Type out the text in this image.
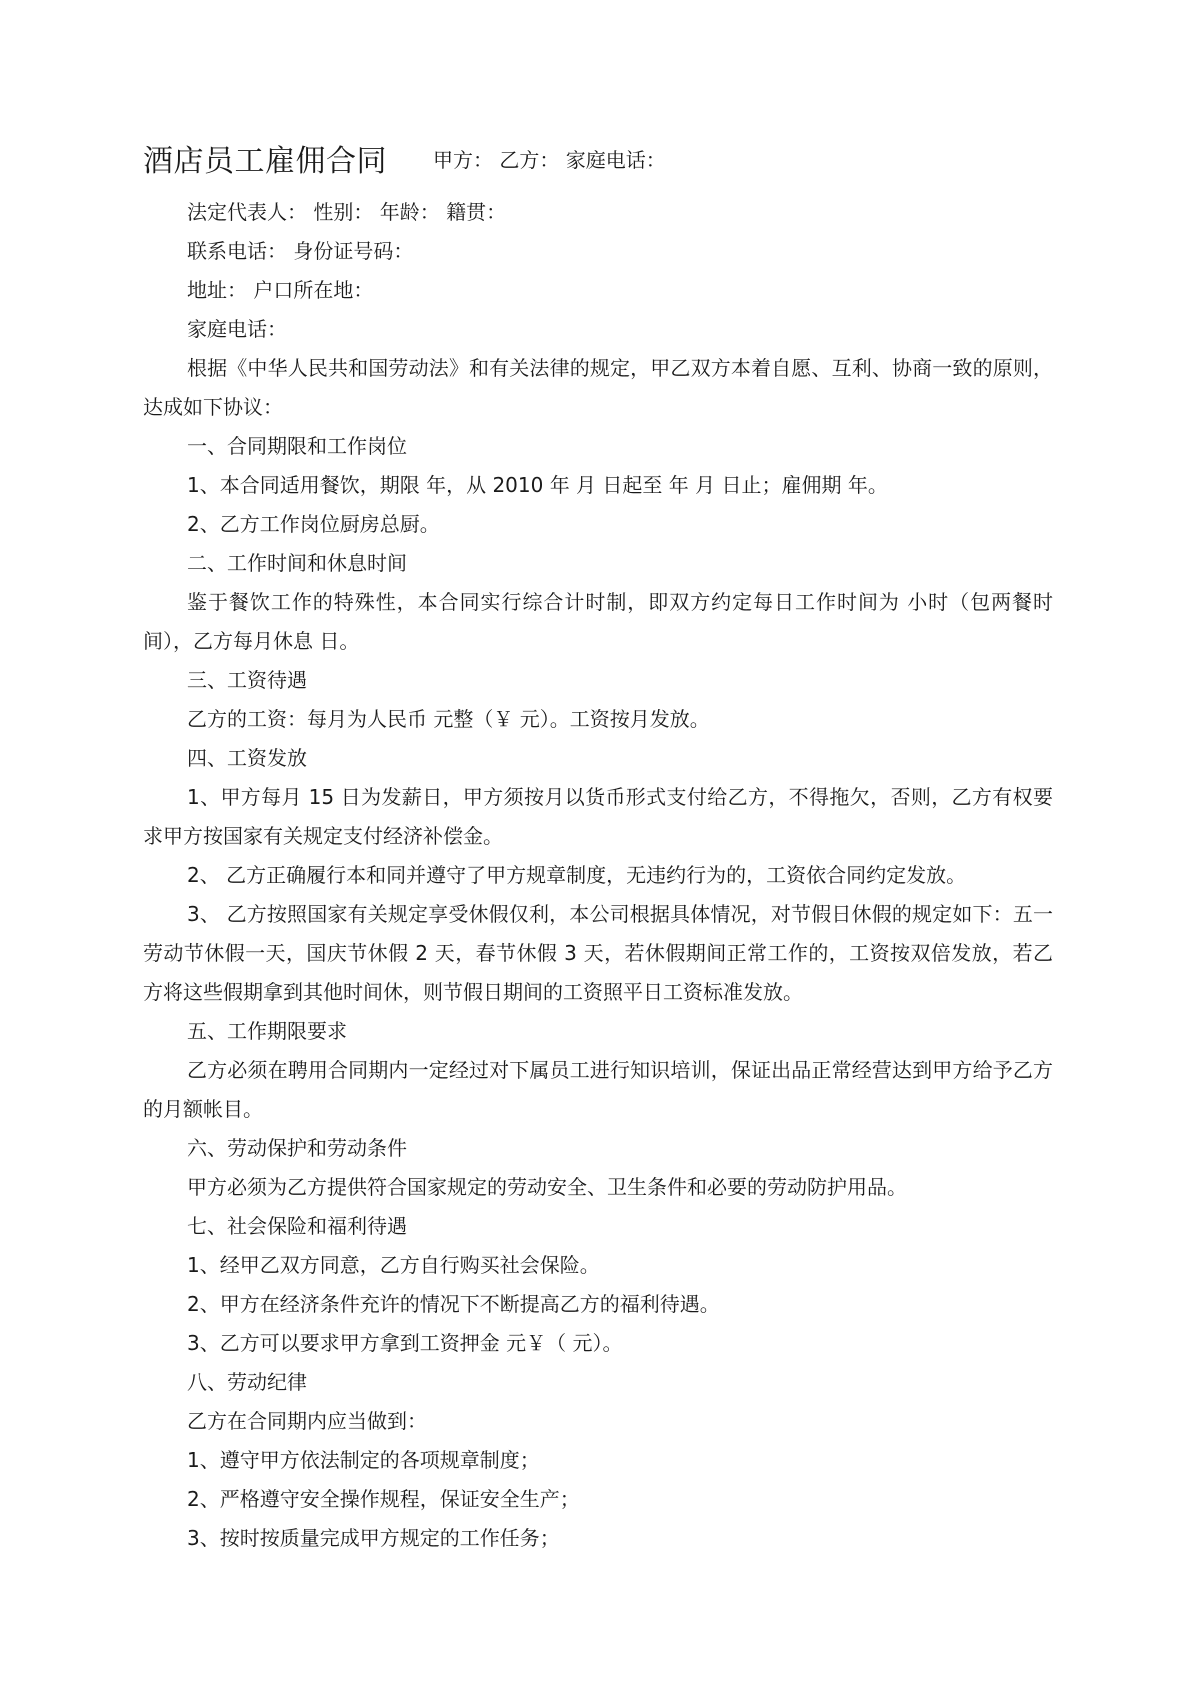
酒店员工雇佣合同 甲方： 乙方： 家庭电话：

法定代表人： 性别： 年龄： 籍贯：

联系电话： 身份证号码：

地址： 户口所在地：

家庭电话：

根据《中华人民共和国劳动法》和有关法律的规定，甲乙双方本着自愿、互利、协商一致的原则，达成如下协议：

一、合同期限和工作岗位

1、本合同适用餐饮，期限 年，从 2010 年 月 日起至 年 月 日止；雇佣期 年。

2、乙方工作岗位厨房总厨。

二、工作时间和休息时间

鉴于餐饮工作的特殊性，本合同实行综合计时制，即双方约定每日工作时间为 小时（包两餐时间），乙方每月休息 日。

三、工资待遇

乙方的工资：每月为人民币 元整（￥ 元）。工资按月发放。

四、工资发放

1、甲方每月 15 日为发薪日，甲方须按月以货币形式支付给乙方，不得拖欠，否则，乙方有权要求甲方按国家有关规定支付经济补偿金。

2、 乙方正确履行本和同并遵守了甲方规章制度，无违约行为的，工资依合同约定发放。

3、 乙方按照国家有关规定享受休假仅利，本公司根据具体情况，对节假日休假的规定如下：五一劳动节休假一天，国庆节休假 2 天，春节休假 3 天，若休假期间正常工作的，工资按双倍发放，若乙方将这些假期拿到其他时间休，则节假日期间的工资照平日工资标准发放。

五、工作期限要求

乙方必须在聘用合同期内一定经过对下属员工进行知识培训，保证出品正常经营达到甲方给予乙方的月额帐目。

六、劳动保护和劳动条件

甲方必须为乙方提供符合国家规定的劳动安全、卫生条件和必要的劳动防护用品。

七、社会保险和福利待遇

1、经甲乙双方同意，乙方自行购买社会保险。

2、甲方在经济条件充许的情况下不断提高乙方的福利待遇。

3、乙方可以要求甲方拿到工资押金 元￥（ 元）。

八、劳动纪律

乙方在合同期内应当做到：

1、遵守甲方依法制定的各项规章制度；

2、严格遵守安全操作规程，保证安全生产；

3、按时按质量完成甲方规定的工作任务；
